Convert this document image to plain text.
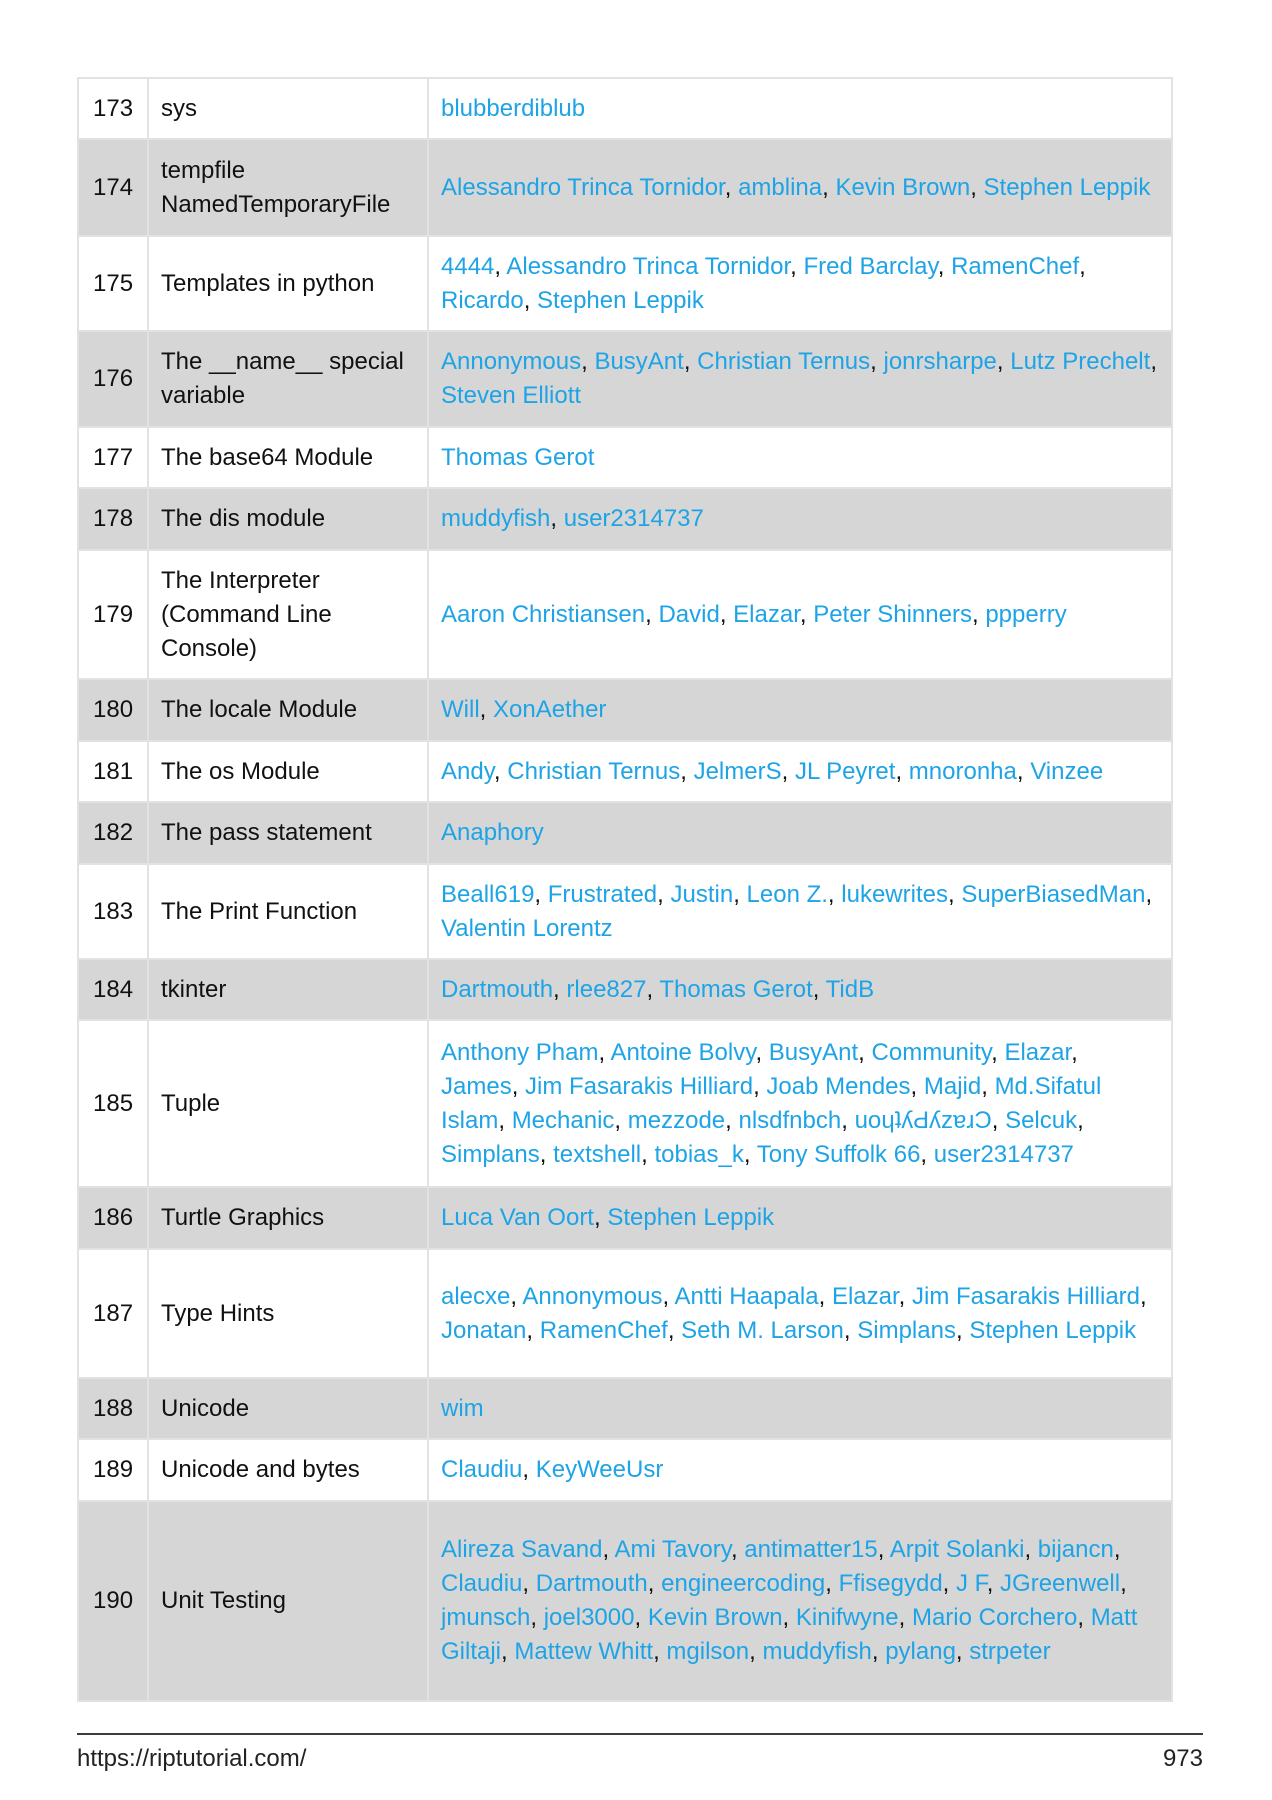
173	sys	blubberdiblub
174	tempfile NamedTemporaryFile	Alessandro Trinca Tornidor, amblina, Kevin Brown, Stephen Leppik
175	Templates in python	4444, Alessandro Trinca Tornidor, Fred Barclay, RamenChef, Ricardo, Stephen Leppik
176	The __name__ special variable	Annonymous, BusyAnt, Christian Ternus, jonrsharpe, Lutz Prechelt, Steven Elliott
177	The base64 Module	Thomas Gerot
178	The dis module	muddyfish, user2314737
179	The Interpreter (Command Line Console)	Aaron Christiansen, David, Elazar, Peter Shinners, ppperry
180	The locale Module	Will, XonAether
181	The os Module	Andy, Christian Ternus, JelmerS, JL Peyret, mnoronha, Vinzee
182	The pass statement	Anaphory
183	The Print Function	Beall619, Frustrated, Justin, Leon Z., lukewrites, SuperBiasedMan, Valentin Lorentz
184	tkinter	Dartmouth, rlee827, Thomas Gerot, TidB
185	Tuple	Anthony Pham, Antoine Bolvy, BusyAnt, Community, Elazar, James, Jim Fasarakis Hilliard, Joab Mendes, Majid, Md.Sifatul Islam, Mechanic, mezzode, nlsdfnbch, uoɥʇʎԀʎzɐɹƆ, Selcuk, Simplans, textshell, tobias_k, Tony Suffolk 66, user2314737
186	Turtle Graphics	Luca Van Oort, Stephen Leppik
187	Type Hints	alecxe, Annonymous, Antti Haapala, Elazar, Jim Fasarakis Hilliard, Jonatan, RamenChef, Seth M. Larson, Simplans, Stephen Leppik
188	Unicode	wim
189	Unicode and bytes	Claudiu, KeyWeeUsr
190	Unit Testing	Alireza Savand, Ami Tavory, antimatter15, Arpit Solanki, bijancn, Claudiu, Dartmouth, engineercoding, Ffisegydd, J F, JGreenwell, jmunsch, joel3000, Kevin Brown, Kinifwyne, Mario Corchero, Matt Giltaji, Mattew Whitt, mgilson, muddyfish, pylang, strpeter
https://riptutorial.com/	973
